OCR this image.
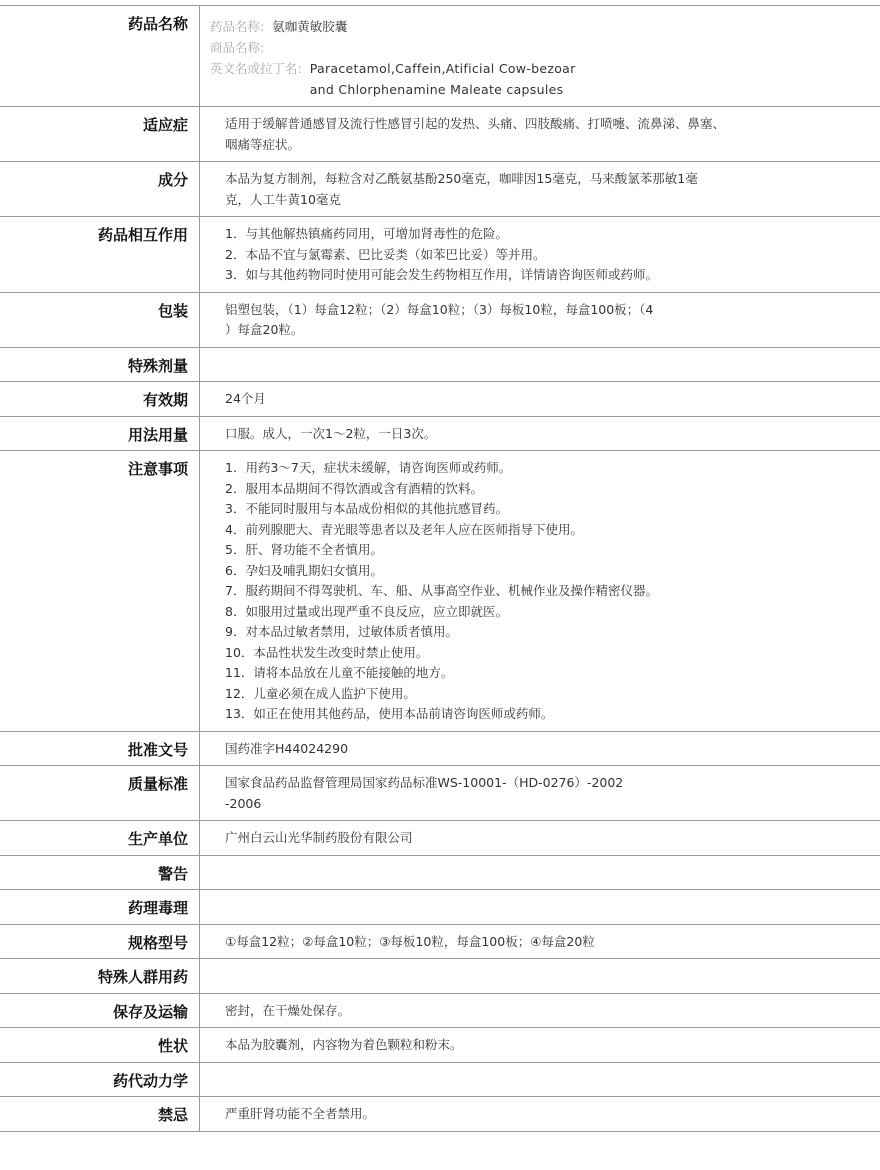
药品名称	药品名称: 氨咖黄敏胶囊
商品名称:
英文名或拉丁名: Paracetamol,Caffein,Atificial Cow-bezoar
and Chlorphenamine Maleate capsules
适应症	适用于缓解普通感冒及流行性感冒引起的发热、头痛、四肢酸痛、打喷嚏、流鼻涕、鼻塞、
咽痛等症状。
成分	本品为复方制剂，每粒含对乙酰氨基酚250毫克，咖啡因15毫克，马来酸氯苯那敏1毫
克，人工牛黄10毫克
药品相互作用	1．与其他解热镇痛药同用，可增加肾毒性的危险。
2．本品不宜与氯霉素、巴比妥类（如苯巴比妥）等并用。
3．如与其他药物同时使用可能会发生药物相互作用，详情请咨询医师或药师。
包装	铝塑包装，（1）每盒12粒；（2）每盒10粒；（3）每板10粒，每盒100板；（4
）每盒20粒。
特殊剂量

有效期	24个月
用法用量	口服。成人，一次1～2粒，一日3次。
注意事项	1．用药3～7天，症状未缓解，请咨询医师或药师。
2．服用本品期间不得饮酒或含有酒精的饮料。
3．不能同时服用与本品成份相似的其他抗感冒药。
4．前列腺肥大、青光眼等患者以及老年人应在医师指导下使用。
5．肝、肾功能不全者慎用。
6．孕妇及哺乳期妇女慎用。
7．服药期间不得驾驶机、车、船、从事高空作业、机械作业及操作精密仪器。
8．如服用过量或出现严重不良反应，应立即就医。
9．对本品过敏者禁用，过敏体质者慎用。
10．本品性状发生改变时禁止使用。
11．请将本品放在儿童不能接触的地方。
12．儿童必须在成人监护下使用。
13．如正在使用其他药品，使用本品前请咨询医师或药师。
批准文号	国药准字H44024290
质量标准	国家食品药品监督管理局国家药品标准WS-10001-（HD-0276）-2002
-2006
生产单位	广州白云山光华制药股份有限公司
警告

药理毒理

规格型号	①每盒12粒；②每盒10粒；③每板10粒，每盒100板；④每盒20粒
特殊人群用药

保存及运输	密封，在干燥处保存。
性状	本品为胶囊剂，内容物为着色颗粒和粉末。
药代动力学

禁忌	严重肝肾功能不全者禁用。
